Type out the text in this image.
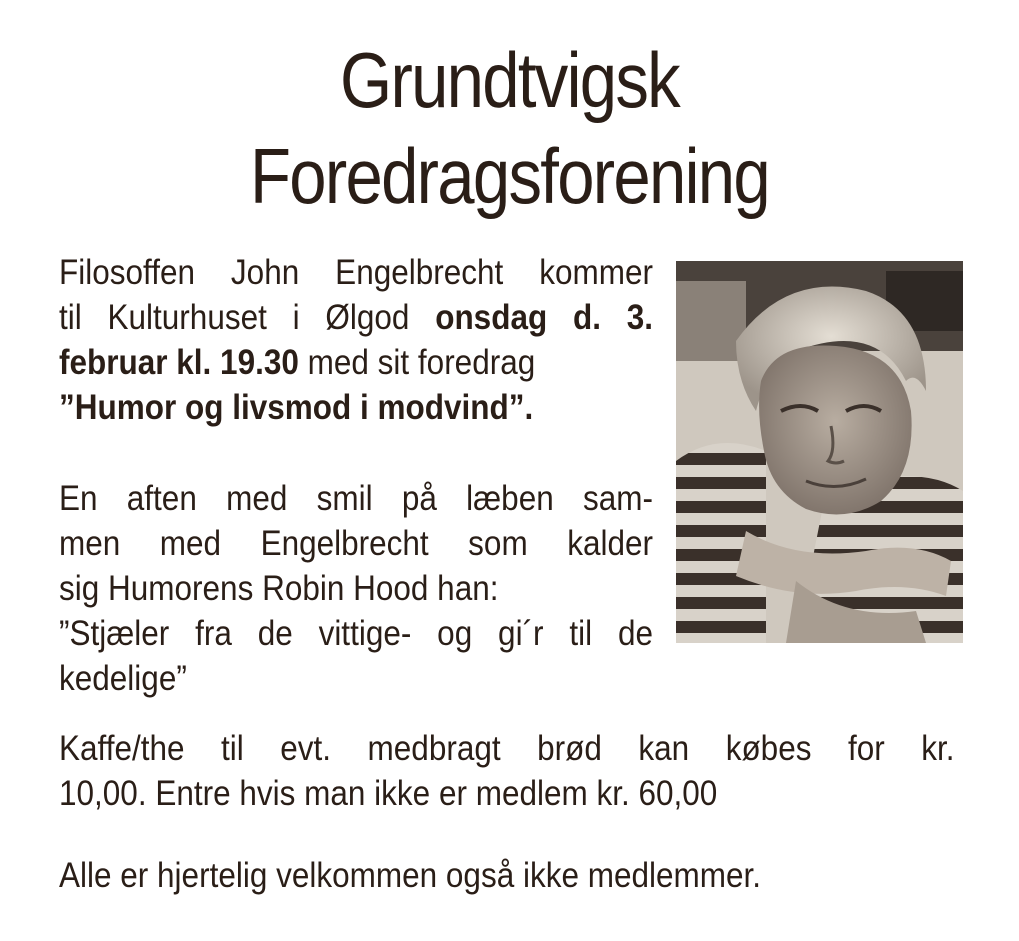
Grundtvigsk
Foredragsforening
Filosoffen John Engelbrecht kommer
til Kulturhuset i Ølgod onsdag d. 3.
februar kl. 19.30 med sit foredrag
”Humor og livsmod i modvind”.
En aften med smil på læben sam-
men med Engelbrecht som kalder
sig Humorens Robin Hood han:
”Stjæler fra de vittige- og gi´r til de
kedelige”
Kaffe/the til evt. medbragt brød kan købes for kr.
10,00. Entre hvis man ikke er medlem kr. 60,00
Alle er hjertelig velkommen også ikke medlemmer.
